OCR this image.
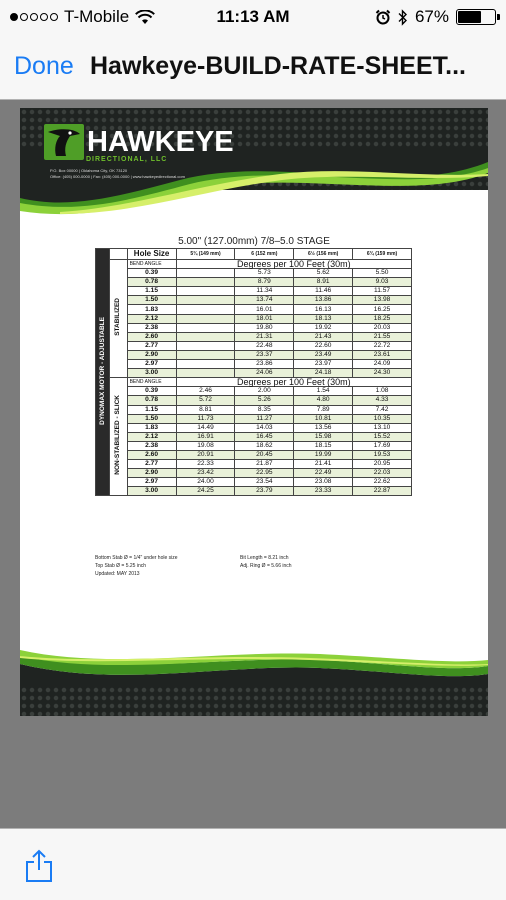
T-Mobile	11:13 AM	67%
Done Hawkeye-BUILD-RATE-SHEET...
HAWKEYE
DIRECTIONAL, LLC
P.O. Box 00000 | Oklahoma City, OK 73120
Office: (405) 000-0000 | Fax: (405) 000-0000 | www.hawkeyedirectional.com
5.00" (127.00mm) 7/8–5.0 STAGE
DYNOMAX MOTOR - ADJUSTABLE		Hole Size	5¾ (149 mm)	6 (152 mm)	6½ (156 mm)	6¾ (159 mm)
	STABILIZED	BEND ANGLE	Degrees per 100 Feet (30m)			
		0.39		5.73	5.62	5.50
		0.78		8.79	8.91	9.03
		1.15		11.34	11.46	11.57
		1.50		13.74	13.86	13.98
		1.83		16.01	16.13	16.25
		2.12		18.01	18.13	18.25
		2.38		19.80	19.92	20.03
		2.60		21.31	21.43	21.55
		2.77		22.48	22.60	22.72
		2.90		23.37	23.49	23.61
		2.97		23.86	23.97	24.09
		3.00		24.06	24.18	24.30
	NON-STABILIZED - SLICK	BEND ANGLE	Degrees per 100 Feet (30m)			
		0.39	2.46	2.00	1.54	1.08
		0.78	5.72	5.26	4.80	4.33
		1.15	8.81	8.35	7.89	7.42
		1.50	11.73	11.27	10.81	10.35
		1.83	14.49	14.03	13.56	13.10
		2.12	16.91	16.45	15.98	15.52
		2.38	19.08	18.62	18.15	17.69
		2.60	20.91	20.45	19.99	19.53
		2.77	22.33	21.87	21.41	20.95
		2.90	23.42	22.95	22.49	22.03
		2.97	24.00	23.54	23.08	22.62
		3.00	24.25	23.79	23.33	22.87
Bottom Stab Ø = 1/4" under hole size
Top Stab Ø = 5.25 inch
Updated: MAY 2013
Bit Length = 8.21 inch
Adj. Ring Ø = 5.66 inch
